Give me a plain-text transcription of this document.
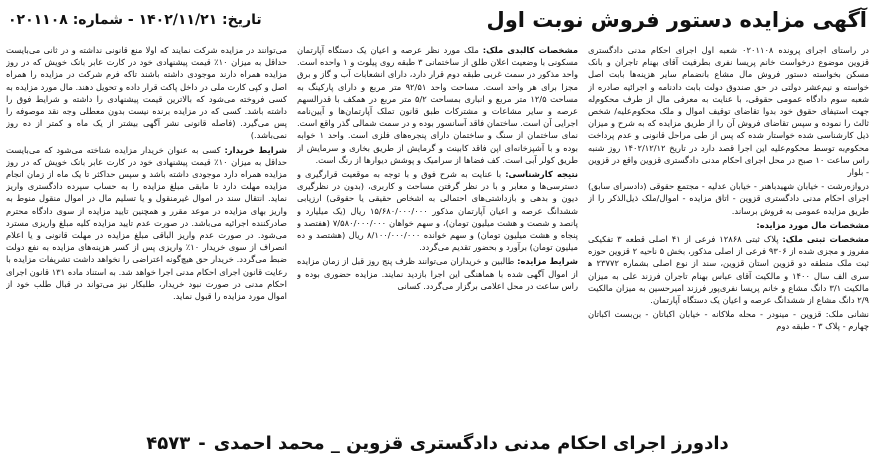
آگهی مزایده دستور فروش نوبت اول
تاریخ: ۱۴۰۲/۱۱/۲۱ - شماره: ۰۲۰۱۱۰۸

در راستای اجرای پرونده ۰۲۰۱۱۰۸ شعبه اول اجرای احکام مدنی دادگستری قزوین موضوع درخواست خانم پریسا نفری بطرفیت آقای بهنام تاجران و بانک مسکن بخواسته دستور فروش مال مشاع بانضمام سایر هزینه‌ها بابت اصل خواسته و نیم‌عشر دولتی در حق صندوق دولت بابت دادنامه و اجرائیه صادره از شعبه سوم دادگاه عمومی حقوقی، با عنایت به معرفی مال از طرف محکوم‌له جهت استیفای حقوق خود بدوا تقاضای توقیف اموال و ملک محکوم‌علیه/ شخص ثالث را نموده و سپس تقاضای فروش آن را از طریق مزایده که به شرح و میزان ذیل کارشناسی شده خواستار شده که پس از طی مراحل قانونی و عدم پرداخت محکوم‌به توسط محکوم‌علیه این اجرا قصد دارد در تاریخ ۱۴۰۲/۱۲/۱۲ روز شنبه راس ساعت ۱۰ صبح در محل اجرای احکام مدنی دادگستری قزوین واقع در قزوین - بلوار

درواز‌ه‌رشت - خیابان شهیدباهنر - خیابان عدلیه - مجتمع حقوقی (دادسرای سابق) اجرای احکام مدنی دادگستری قزوین - اتاق مزایده - اموال/ملک ذیل‌الذکر را از طریق مزایده عمومی به فروش برساند.

مشخصات مال مورد مزایده:

مشخصات ثبتی ملک: پلاک ثبتی ۱۲۸۶۸ فرعی از ۴۱ اصلی قطعه ۳ تفکیکی مفروز و مجزی شده از ۹۳۰۶ فرعی از اصلی مذکور، بخش ۵ ناحیه ۲ قزوین حوزه ثبت ملک منطقه دو قزوین استان قزوین، سند از نوع اصلی بشماره ۲۳۷۷۲ ه‍ سری الف سال ۱۴۰۰ و مالکیت آقای عباس بهنام تاجران فرزند علی به میزان مالکیت ۳/۱ دانگ مشاع و خانم پریسا نفری‌پور فرزند امیرحسین به میزان مالکیت ۲/۹ دانگ مشاع از ششدانگ عرصه و اعیان یک دستگاه آپارتمان.

نشانی ملک: قزوین - مینودر - محله ملاکانه - خیابان اکباتان - بن‌بست اکباتان چهارم - پلاک ۳ - طبقه دوم

مشخصات کالبدی ملک: ملک مورد نظر عرصه و اعیان یک دستگاه آپارتمان مسکونی با وضعیت اعلان طلق از ساختمانی ۳ طبقه روی پیلوت و ۱ واحده است. واحد مذکور در سمت غربی طبقه دوم قرار دارد، دارای انشعابات آب و گاز و برق مجزا برای هر واحد است. مساحت واحد ۹۲/۵۱ متر مربع و دارای پارکینگ به مساحت ۱۲/۵ متر مربع و انباری بمساحت ۵/۲ متر مربع در همکف با قدرالسهم عرصه و سایر مشاعات و مشترکات طبق قانون تملک آپارتمان‌ها و آیین‌نامه اجرایی آن است. ساختمان فاقد آسانسور بوده و در سمت شمالی گذر واقع است. نمای ساختمان از سنگ و ساختمان دارای پنجره‌های فلزی است. واحد ۱ خوابه بوده و با آشپزخانه‌ای اپن فاقد کابینت و گرمایش از طریق بخاری و سرمایش از طریق کولر آبی است. کف فضاها از سرامیک و پوشش دیوارها از رنگ است.

نتیجه کارشناسی: با عنایت به شرح فوق و با توجه به موقعیت قرارگیری و دسترسی‌ها و معابر و با در نظر گرفتن مساحت و کاربری، (بدون در نظرگیری دیون و بدهی و بازداشتی‌های احتمالی به اشخاص حقیقی یا حقوقی) ارزیابی ششدانگ عرصه و اعیان آپارتمان مذکور ۱۵/۶۸۰/۰۰۰/۰۰۰ ریال (یک میلیارد و پانصد و شصت و هشت میلیون تومان)، و سهم خواهان ۷/۵۸۰/۰۰۰/۰۰۰ (هفتصد و پنجاه و هشت میلیون تومان) و سهم خوانده ۸/۱۰۰/۰۰۰/۰۰۰ ریال (هشتصد و ده میلیون تومان) برآورد و بحضور تقدیم می‌گردد.

شرایط مزایده: طالبین و خریداران می‌توانند ظرف پنج روز قبل از زمان مزایده از اموال آگهی شده با هماهنگی این اجرا بازدید نمایند. مزایده حضوری بوده و راس ساعت در محل اعلامی برگزار می‌گردد. کسانی

می‌توانند در مزایده شرکت نمایند که اولا منع قانونی نداشته و در ثانی می‌بایست حداقل به میزان ۱۰٪ قیمت پیشنهادی خود در کارت عابر بانک خویش که در روز مزایده همراه دارند موجودی داشته باشند تاکه فرم شرکت در مزایده را همراه اصل و کپی کارت ملی در داخل پاکت قرار داده و تحویل دهند. مال مورد مزایده به کسی فروخته می‌شود که بالاترین قیمت پیشنهادی را داشته و شرایط فوق را داشته باشد. کسی که در مزایده برنده نیست بدون معطلی وجه نقد موصوفه را پس می‌گیرد. (فاصله قانونی نشر آگهی بیشتر از یک ماه و کمتر از ده روز نمی‌باشد.)

شرایط خریدار: کسی به عنوان خریدار مزایده شناخته می‌شود که می‌بایست حداقل به میزان ۱۰٪ قیمت پیشنهادی خود در کارت عابر بانک خویش که در روز مزایده همراه دارد موجودی داشته باشد و سپس حداکثر تا یک ماه از زمان انجام مزایده مهلت دارد تا مابقی مبلغ مزایده را به حساب سپرده دادگستری واریز نماید. انتقال سند در اموال غیرمنقول و یا تسلیم مال در اموال منقول منوط به واریز بهای مزایده در موعد مقرر و همچنین تایید مزایده از سوی دادگاه محترم صادرکننده اجرائیه می‌باشد. در صورت عدم تایید مزایده کلیه مبلغ واریزی مسترد می‌شود. در صورت عدم واریز الباقی مبلغ مزایده در مهلت قانونی و یا اعلام انصراف از سوی خریدار ۱۰٪ واریزی پس از کسر هزینه‌های مزایده به نفع دولت ضبط می‌گردد. خریدار حق هیچ‌گونه اعتراضی را نخواهد داشت تشریفات مزایده با رعایت قانون اجرای احکام مدنی اجرا خواهد شد. به استناد ماده ۱۳۱ قانون اجرای احکام مدنی در صورت نبود خریدار، طلبکار نیز می‌تواند در قبال طلب خود از اموال مورد مزایده را قبول نماید.

دادورز اجرای احکام مدنی دادگستری قزوین _ محمد احمدی
-
۴۵۷۳
